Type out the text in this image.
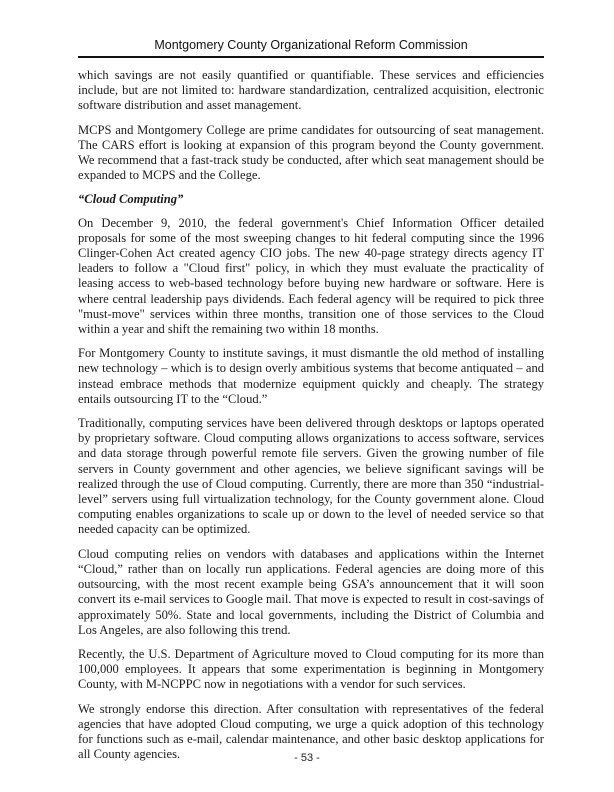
Montgomery County Organizational Reform Commission

which savings are not easily quantified or quantifiable. These services and efficiencies include, but are not limited to: hardware standardization, centralized acquisition, electronic software distribution and asset management.

MCPS and Montgomery College are prime candidates for outsourcing of seat management. The CARS effort is looking at expansion of this program beyond the County government. We recommend that a fast-track study be conducted, after which seat management should be expanded to MCPS and the College.

“Cloud Computing”

On December 9, 2010, the federal government's Chief Information Officer detailed proposals for some of the most sweeping changes to hit federal computing since the 1996 Clinger-Cohen Act created agency CIO jobs. The new 40-page strategy directs agency IT leaders to follow a "Cloud first" policy, in which they must evaluate the practicality of leasing access to web-based technology before buying new hardware or software. Here is where central leadership pays dividends. Each federal agency will be required to pick three "must-move" services within three months, transition one of those services to the Cloud within a year and shift the remaining two within 18 months.

For Montgomery County to institute savings, it must dismantle the old method of installing new technology – which is to design overly ambitious systems that become antiquated – and instead embrace methods that modernize equipment quickly and cheaply. The strategy entails outsourcing IT to the “Cloud.”

Traditionally, computing services have been delivered through desktops or laptops operated by proprietary software. Cloud computing allows organizations to access software, services and data storage through powerful remote file servers. Given the growing number of file servers in County government and other agencies, we believe significant savings will be realized through the use of Cloud computing. Currently, there are more than 350 “industrial-level” servers using full virtualization technology, for the County government alone. Cloud computing enables organizations to scale up or down to the level of needed service so that needed capacity can be optimized.

Cloud computing relies on vendors with databases and applications within the Internet “Cloud,” rather than on locally run applications. Federal agencies are doing more of this outsourcing, with the most recent example being GSA’s announcement that it will soon convert its e-mail services to Google mail. That move is expected to result in cost-savings of approximately 50%. State and local governments, including the District of Columbia and Los Angeles, are also following this trend.

Recently, the U.S. Department of Agriculture moved to Cloud computing for its more than 100,000 employees. It appears that some experimentation is beginning in Montgomery County, with M-NCPPC now in negotiations with a vendor for such services.

We strongly endorse this direction. After consultation with representatives of the federal agencies that have adopted Cloud computing, we urge a quick adoption of this technology for functions such as e-mail, calendar maintenance, and other basic desktop applications for all County agencies.	- 53 -
